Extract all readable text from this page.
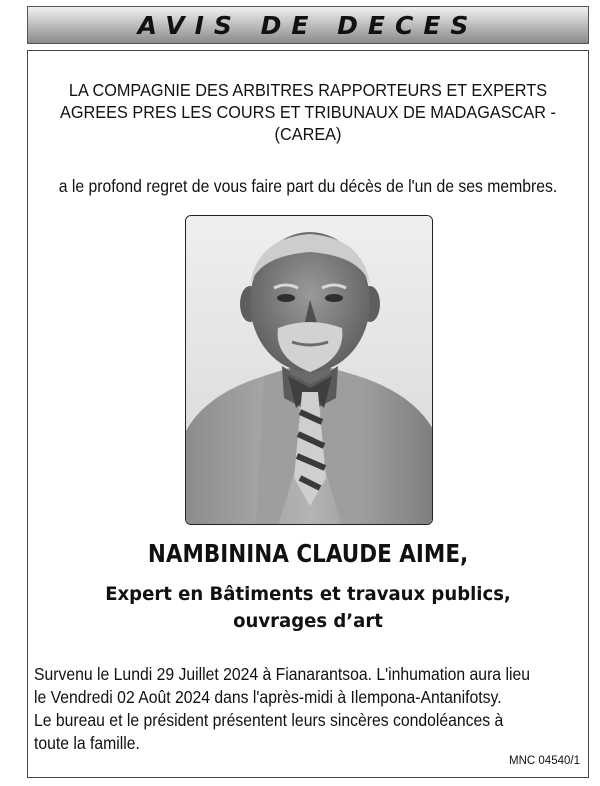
AVIS DE DECES
LA COMPAGNIE DES ARBITRES RAPPORTEURS ET EXPERTS
AGREES PRES LES COURS ET TRIBUNAUX DE MADAGASCAR -
(CAREA)
a le profond regret de vous faire part du décès de l'un de ses membres.
NAMBININA CLAUDE AIME,
Expert en Bâtiments et travaux publics,
ouvrages d’art
Survenu le Lundi 29 Juillet 2024 à Fianarantsoa. L'inhumation aura lieu
le Vendredi 02 Août 2024 dans l'après-midi à Ilempona-Antanifotsy.
Le bureau et le président présentent leurs sincères condoléances à
toute la famille.
MNC 04540/1
